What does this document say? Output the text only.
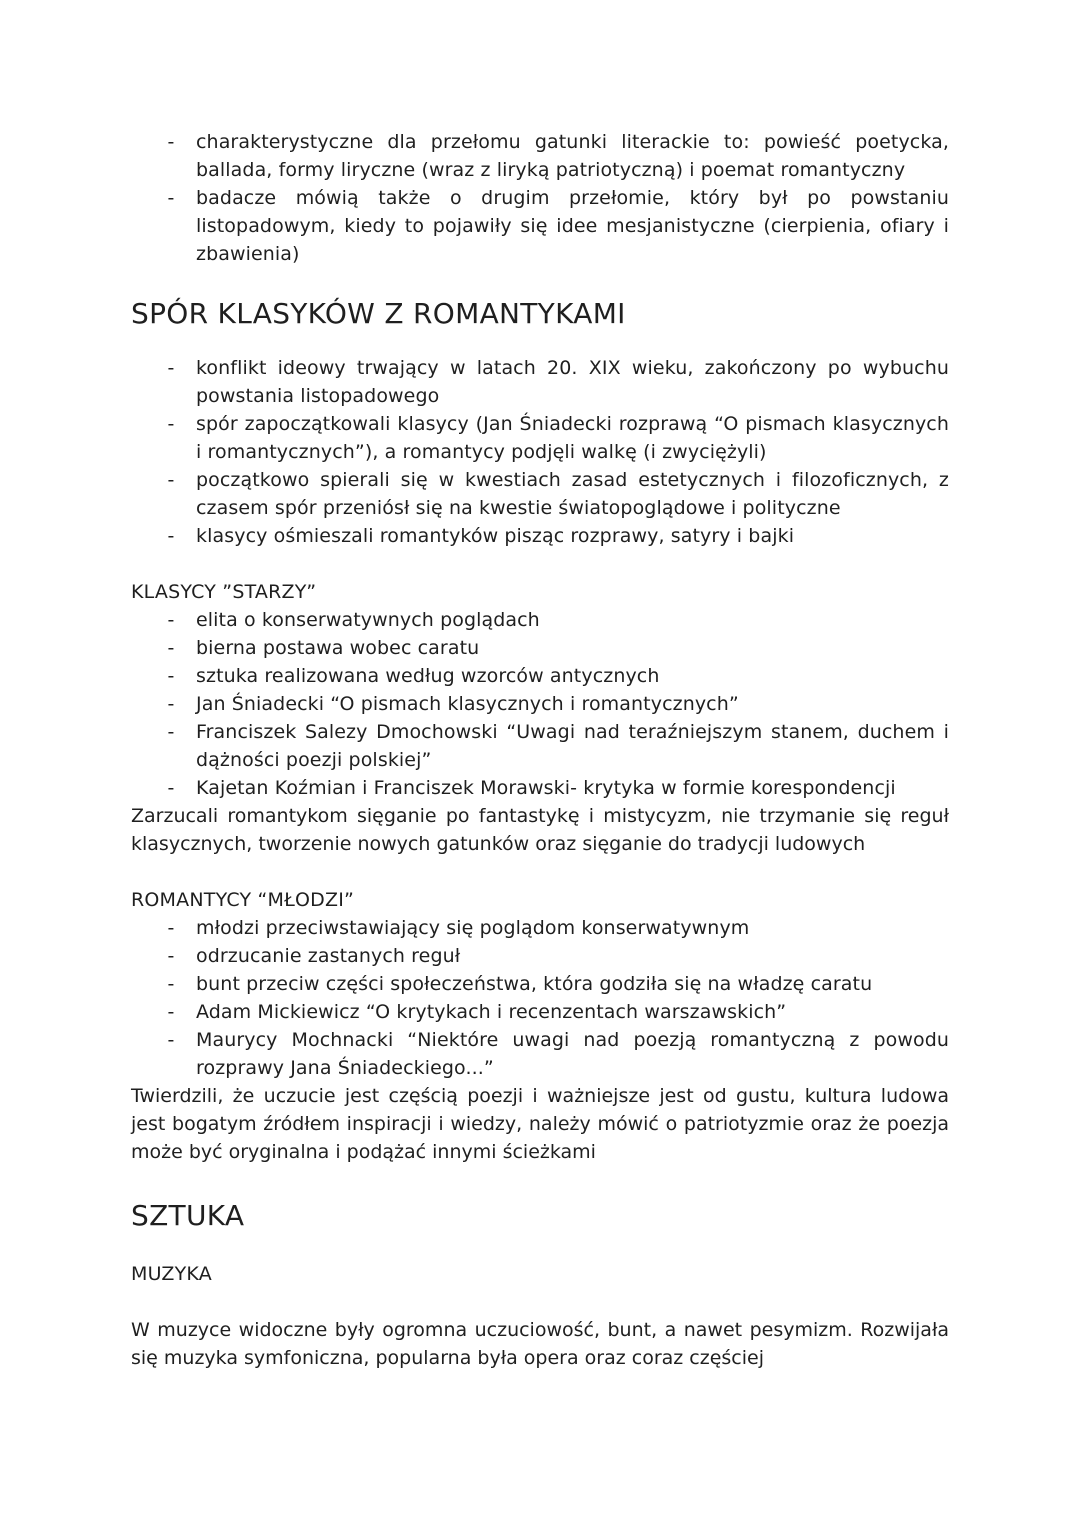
- charakterystyczne dla przełomu gatunki literackie to: powieść poetycka, ballada, formy liryczne (wraz z liryką patriotyczną) i poemat romantyczny
- badacze mówią także o drugim przełomie, który był po powstaniu listopadowym, kiedy to pojawiły się idee mesjanistyczne (cierpienia, ofiary i zbawienia)
SPÓR KLASYKÓW Z ROMANTYKAMI
- konflikt ideowy trwający w latach 20. XIX wieku, zakończony po wybuchu powstania listopadowego
- spór zapoczątkowali klasycy (Jan Śniadecki rozprawą “O pismach klasycznych i romantycznych”), a romantycy podjęli walkę (i zwyciężyli)
- początkowo spierali się w kwestiach zasad estetycznych i filozoficznych, z czasem spór przeniósł się na kwestie światopoglądowe i polityczne
- klasycy ośmieszali romantyków pisząc rozprawy, satyry i bajki
KLASYCY ”STARZY”
- elita o konserwatywnych poglądach
- bierna postawa wobec caratu
- sztuka realizowana według wzorców antycznych
- Jan Śniadecki “O pismach klasycznych i romantycznych”
- Franciszek Salezy Dmochowski “Uwagi nad teraźniejszym stanem, duchem i dążności poezji polskiej”
- Kajetan Koźmian i Franciszek Morawski- krytyka w formie korespondencji

Zarzucali romantykom sięganie po fantastykę i mistycyzm, nie trzymanie się reguł klasycznych, tworzenie nowych gatunków oraz sięganie do tradycji ludowych

ROMANTYCY “MŁODZI”
- młodzi przeciwstawiający się poglądom konserwatywnym
- odrzucanie zastanych reguł
- bunt przeciw części społeczeństwa, która godziła się na władzę caratu
- Adam Mickiewicz “O krytykach i recenzentach warszawskich”
- Maurycy Mochnacki “Niektóre uwagi nad poezją romantyczną z powodu rozprawy Jana Śniadeckiego...”

Twierdzili, że uczucie jest częścią poezji i ważniejsze jest od gustu, kultura ludowa jest bogatym źródłem inspiracji i wiedzy, należy mówić o patriotyzmie oraz że poezja może być oryginalna i podążać innymi ścieżkami

SZTUKA
MUZYKA

W muzyce widoczne były ogromna uczuciowość, bunt, a nawet pesymizm. Rozwijała się muzyka symfoniczna, popularna była opera oraz coraz częściej
